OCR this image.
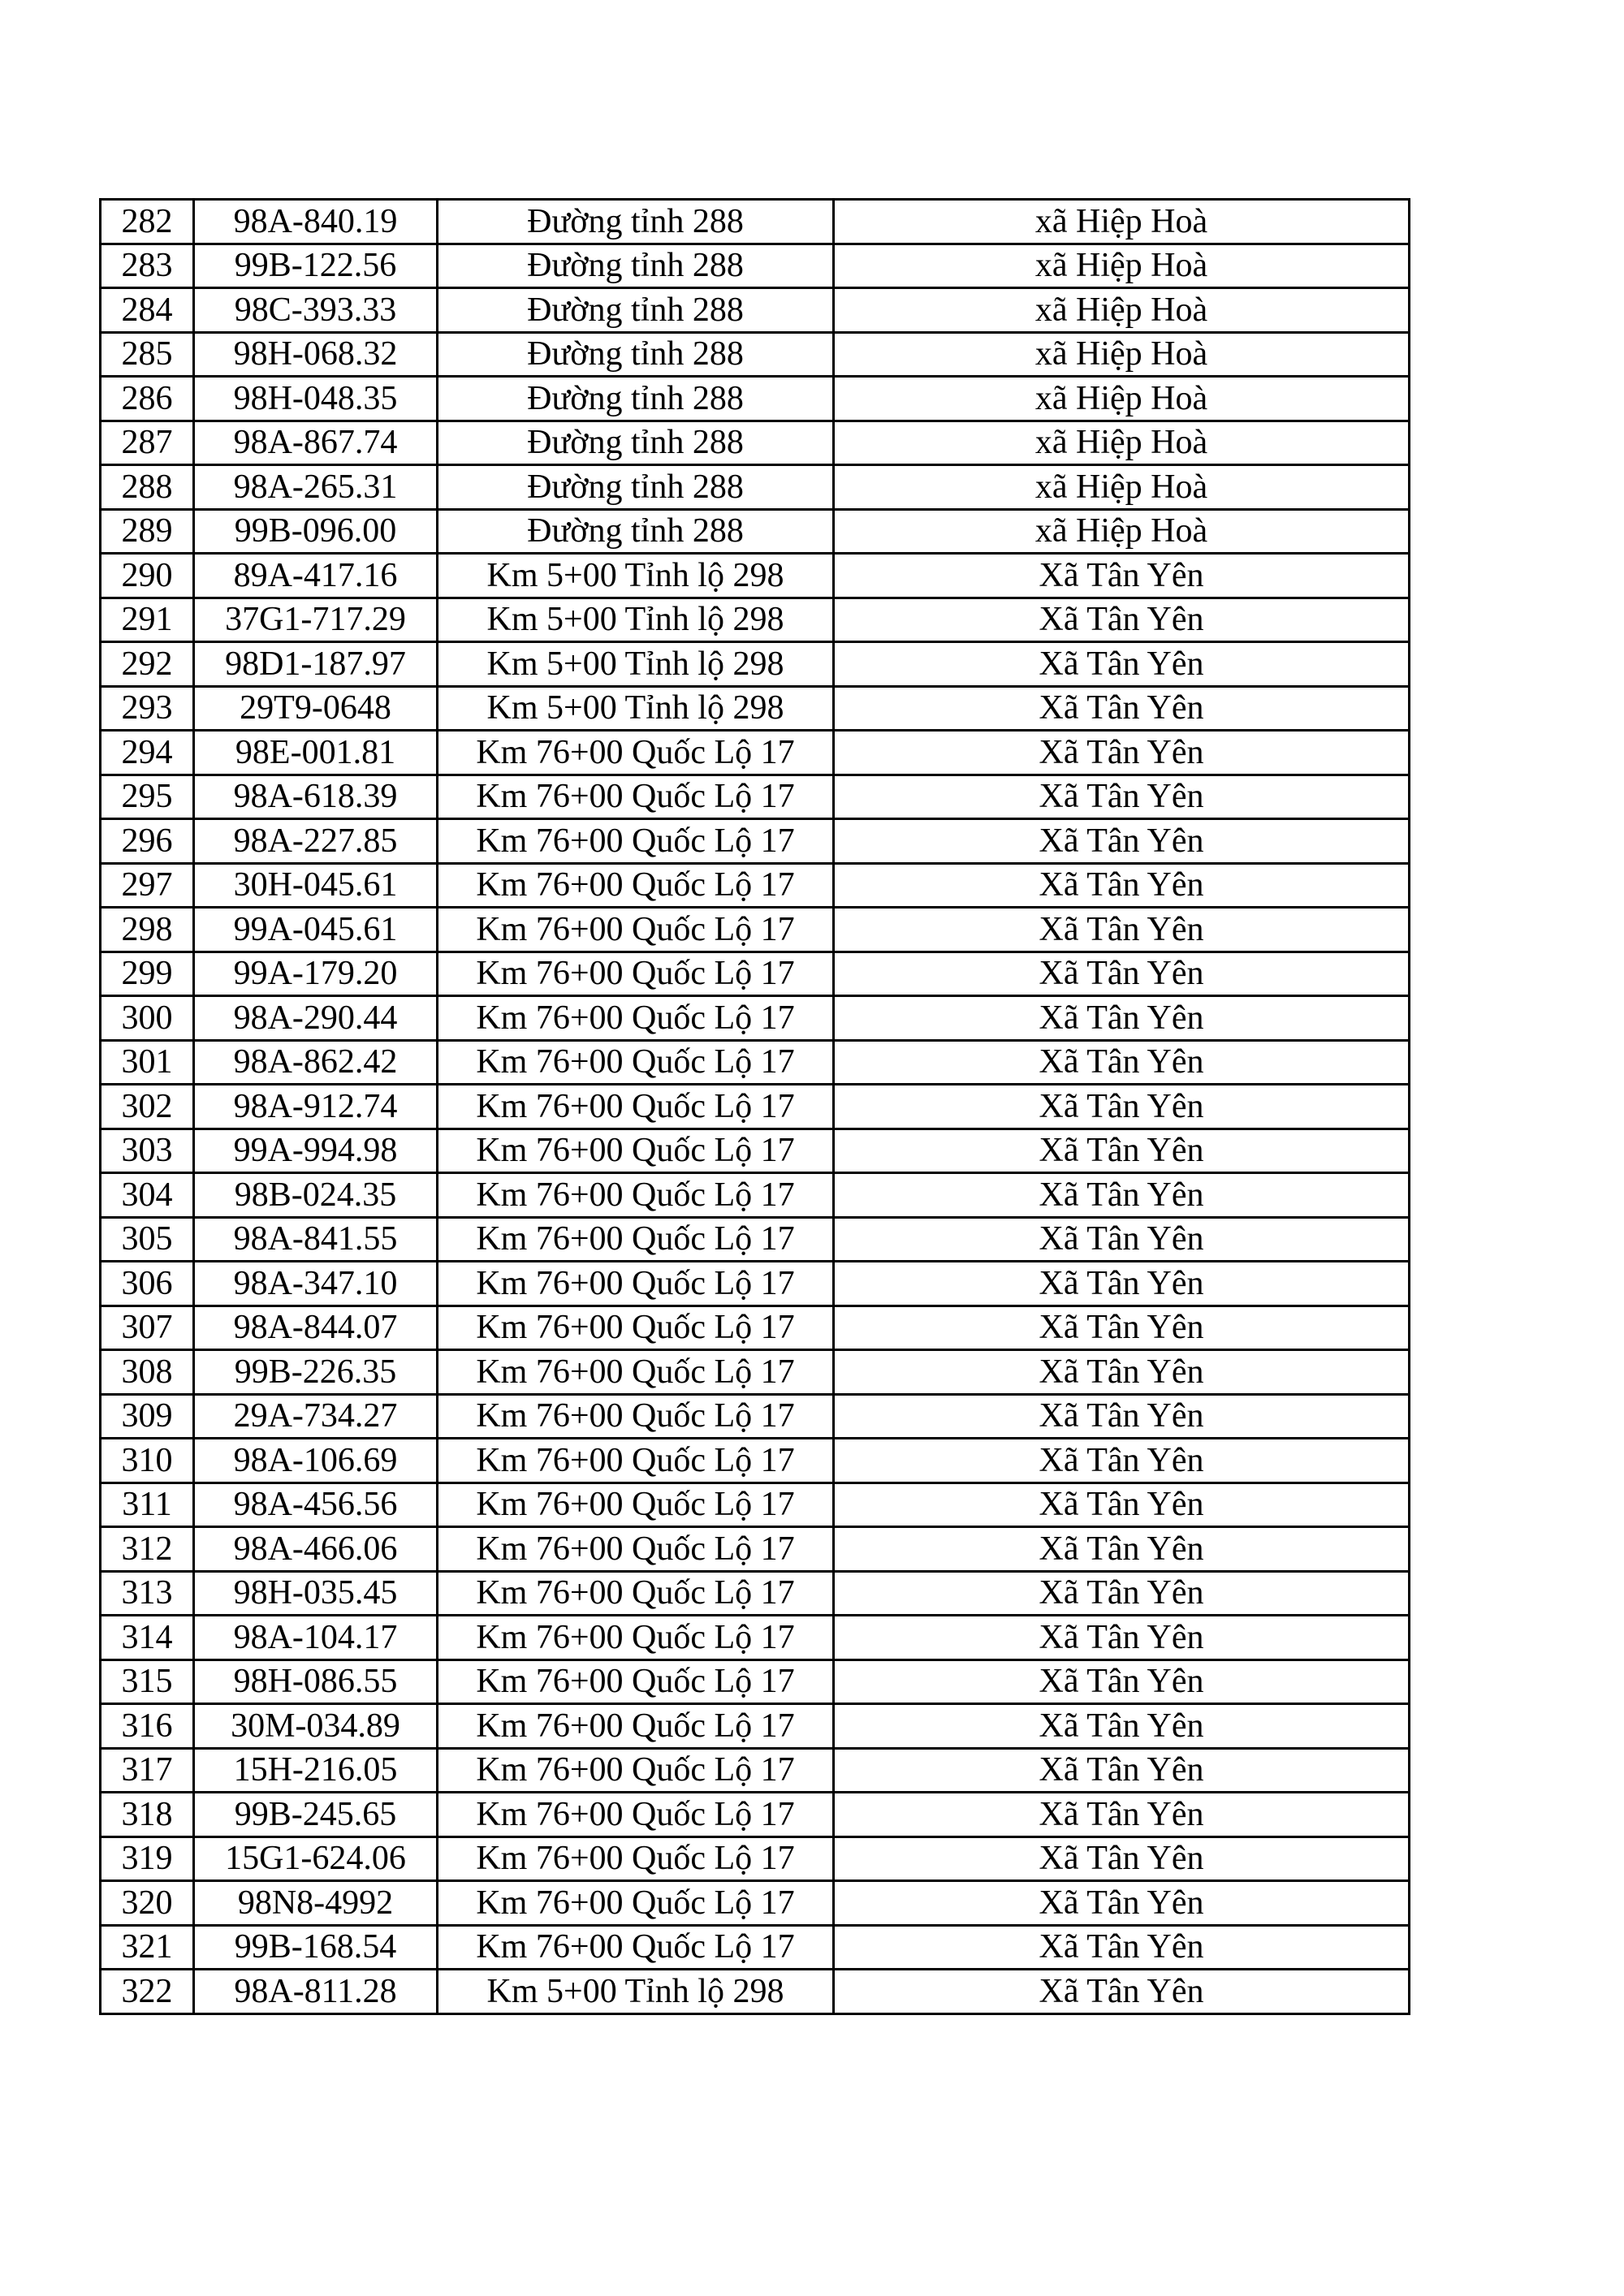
282	98A-840.19	Đường tỉnh 288	xã Hiệp Hoà
283	99B-122.56	Đường tỉnh 288	xã Hiệp Hoà
284	98C-393.33	Đường tỉnh 288	xã Hiệp Hoà
285	98H-068.32	Đường tỉnh 288	xã Hiệp Hoà
286	98H-048.35	Đường tỉnh 288	xã Hiệp Hoà
287	98A-867.74	Đường tỉnh 288	xã Hiệp Hoà
288	98A-265.31	Đường tỉnh 288	xã Hiệp Hoà
289	99B-096.00	Đường tỉnh 288	xã Hiệp Hoà
290	89A-417.16	Km 5+00 Tỉnh lộ 298	Xã Tân Yên
291	37G1-717.29	Km 5+00 Tỉnh lộ 298	Xã Tân Yên
292	98D1-187.97	Km 5+00 Tỉnh lộ 298	Xã Tân Yên
293	29T9-0648	Km 5+00 Tỉnh lộ 298	Xã Tân Yên
294	98E-001.81	Km 76+00 Quốc Lộ 17	Xã Tân Yên
295	98A-618.39	Km 76+00 Quốc Lộ 17	Xã Tân Yên
296	98A-227.85	Km 76+00 Quốc Lộ 17	Xã Tân Yên
297	30H-045.61	Km 76+00 Quốc Lộ 17	Xã Tân Yên
298	99A-045.61	Km 76+00 Quốc Lộ 17	Xã Tân Yên
299	99A-179.20	Km 76+00 Quốc Lộ 17	Xã Tân Yên
300	98A-290.44	Km 76+00 Quốc Lộ 17	Xã Tân Yên
301	98A-862.42	Km 76+00 Quốc Lộ 17	Xã Tân Yên
302	98A-912.74	Km 76+00 Quốc Lộ 17	Xã Tân Yên
303	99A-994.98	Km 76+00 Quốc Lộ 17	Xã Tân Yên
304	98B-024.35	Km 76+00 Quốc Lộ 17	Xã Tân Yên
305	98A-841.55	Km 76+00 Quốc Lộ 17	Xã Tân Yên
306	98A-347.10	Km 76+00 Quốc Lộ 17	Xã Tân Yên
307	98A-844.07	Km 76+00 Quốc Lộ 17	Xã Tân Yên
308	99B-226.35	Km 76+00 Quốc Lộ 17	Xã Tân Yên
309	29A-734.27	Km 76+00 Quốc Lộ 17	Xã Tân Yên
310	98A-106.69	Km 76+00 Quốc Lộ 17	Xã Tân Yên
311	98A-456.56	Km 76+00 Quốc Lộ 17	Xã Tân Yên
312	98A-466.06	Km 76+00 Quốc Lộ 17	Xã Tân Yên
313	98H-035.45	Km 76+00 Quốc Lộ 17	Xã Tân Yên
314	98A-104.17	Km 76+00 Quốc Lộ 17	Xã Tân Yên
315	98H-086.55	Km 76+00 Quốc Lộ 17	Xã Tân Yên
316	30M-034.89	Km 76+00 Quốc Lộ 17	Xã Tân Yên
317	15H-216.05	Km 76+00 Quốc Lộ 17	Xã Tân Yên
318	99B-245.65	Km 76+00 Quốc Lộ 17	Xã Tân Yên
319	15G1-624.06	Km 76+00 Quốc Lộ 17	Xã Tân Yên
320	98N8-4992	Km 76+00 Quốc Lộ 17	Xã Tân Yên
321	99B-168.54	Km 76+00 Quốc Lộ 17	Xã Tân Yên
322	98A-811.28	Km 5+00 Tỉnh lộ 298	Xã Tân Yên
